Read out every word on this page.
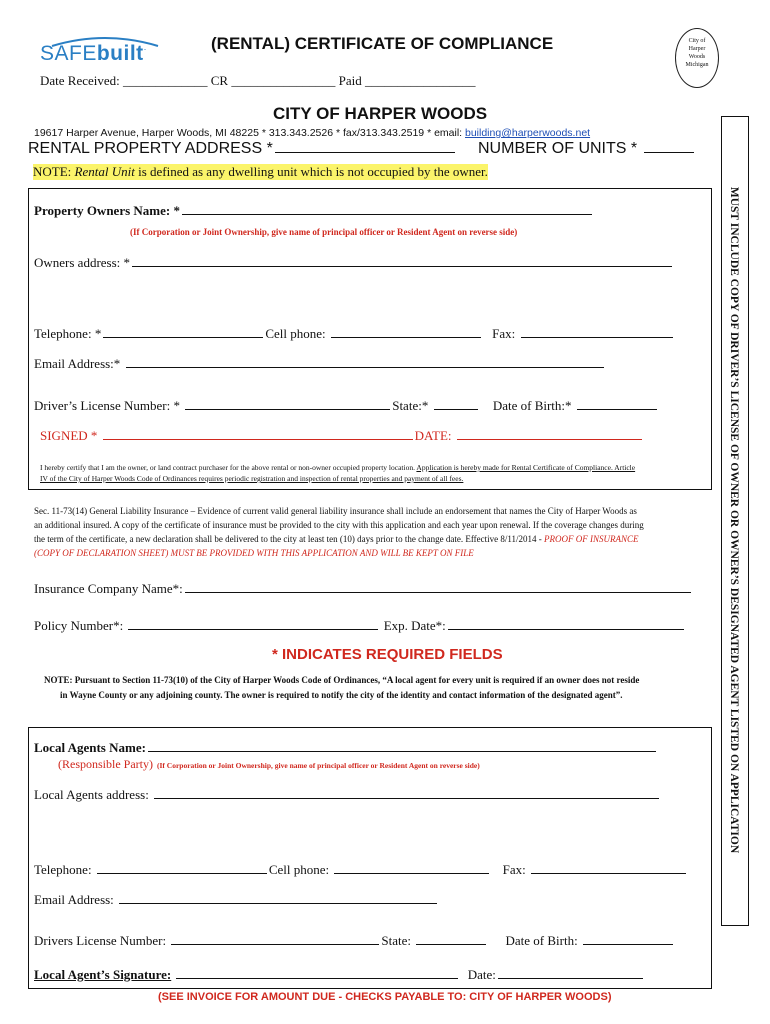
SAFEbuilt.	(RENTAL) CERTIFICATE OF COMPLIANCE
Date Received: _____________ CR ________________ Paid _________________
City of
Harper
Woods
Michigan
CITY OF HARPER WOODS
19617 Harper Avenue, Harper Woods, MI 48225 * 313.343.2526 * fax/313.343.2519 * email: building@harperwoods.net
RENTAL PROPERTY ADDRESS *	NUMBER OF UNITS *
NOTE: Rental Unit is defined as any dwelling unit which is not occupied by the owner.
Property Owners Name: *
(If Corporation or Joint Ownership, give name of principal officer or Resident Agent on reverse side)
Owners address: *
Telephone: *	Cell phone:	Fax:
Email Address:*
Driver’s License Number: *	State:*	Date of Birth:*
SIGNED *	DATE:
I hereby certify that I am the owner, or land contract purchaser for the above rental or non-owner occupied property location. Application is hereby made for Rental Certificate of Compliance. Article
IV of the City of Harper Woods Code of Ordinances requires periodic registration and inspection of rental properties and payment of all fees.
Sec. 11-73(14) General Liability Insurance – Evidence of current valid general liability insurance shall include an endorsement that names the City of Harper Woods as
an additional insured. A copy of the certificate of insurance must be provided to the city with this application and each year upon renewal. If the coverage changes during
the term of the certificate, a new declaration shall be delivered to the city at least ten (10) days prior to the change date. Effective 8/11/2014 - PROOF OF INSURANCE
(COPY OF DECLARATION SHEET) MUST BE PROVIDED WITH THIS APPLICATION AND WILL BE KEPT ON FILE
Insurance Company Name*:
Policy Number*:	Exp. Date*:
* INDICATES REQUIRED FIELDS
NOTE: Pursuant to Section 11-73(10) of the City of Harper Woods Code of Ordinances, “A local agent for every unit is required if an owner does not reside
in Wayne County or any adjoining county. The owner is required to notify the city of the identity and contact information of the designated agent”.
Local Agents Name:
(Responsible Party) (If Corporation or Joint Ownership, give name of principal officer or Resident Agent on reverse side)
Local Agents address:
Telephone:	Cell phone:	Fax:
Email Address:
Drivers License Number:	State:	Date of Birth:
Local Agent’s Signature:	Date:
(SEE INVOICE FOR AMOUNT DUE - CHECKS PAYABLE TO: CITY OF HARPER WOODS)
MUST INCLUDE COPY OF DRIVER’S LICENSE OF OWNER OR OWNER’S DESIGNATED AGENT LISTED ON APPLICATION
